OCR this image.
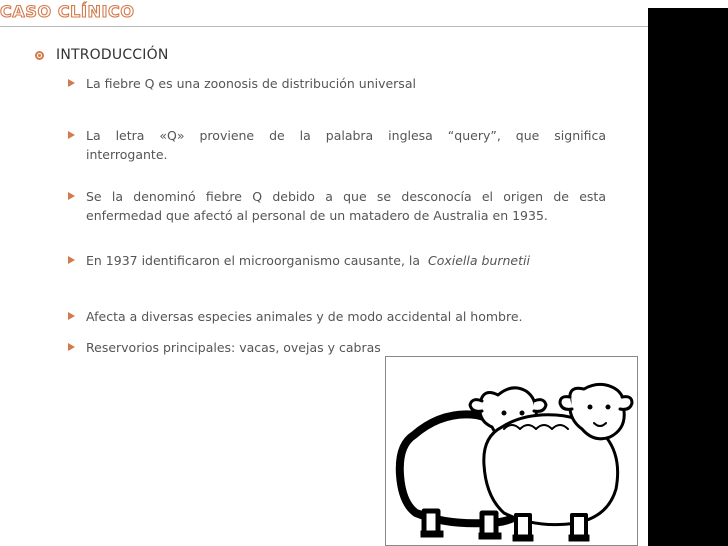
CASO CLÍNICO
INTRODUCCIÓN
La fiebre Q es una zoonosis de distribución universal
La letra «Q» proviene de la palabra inglesa “query”, que significa
interrogante.
Se la denominó fiebre Q debido a que se desconocía el origen de esta
enfermedad que afectó al personal de un matadero de Australia en 1935.
En 1937 identificaron el microorganismo causante, la Coxiella burnetii
Afecta a diversas especies animales y de modo accidental al hombre.
Reservorios principales: vacas, ovejas y cabras
